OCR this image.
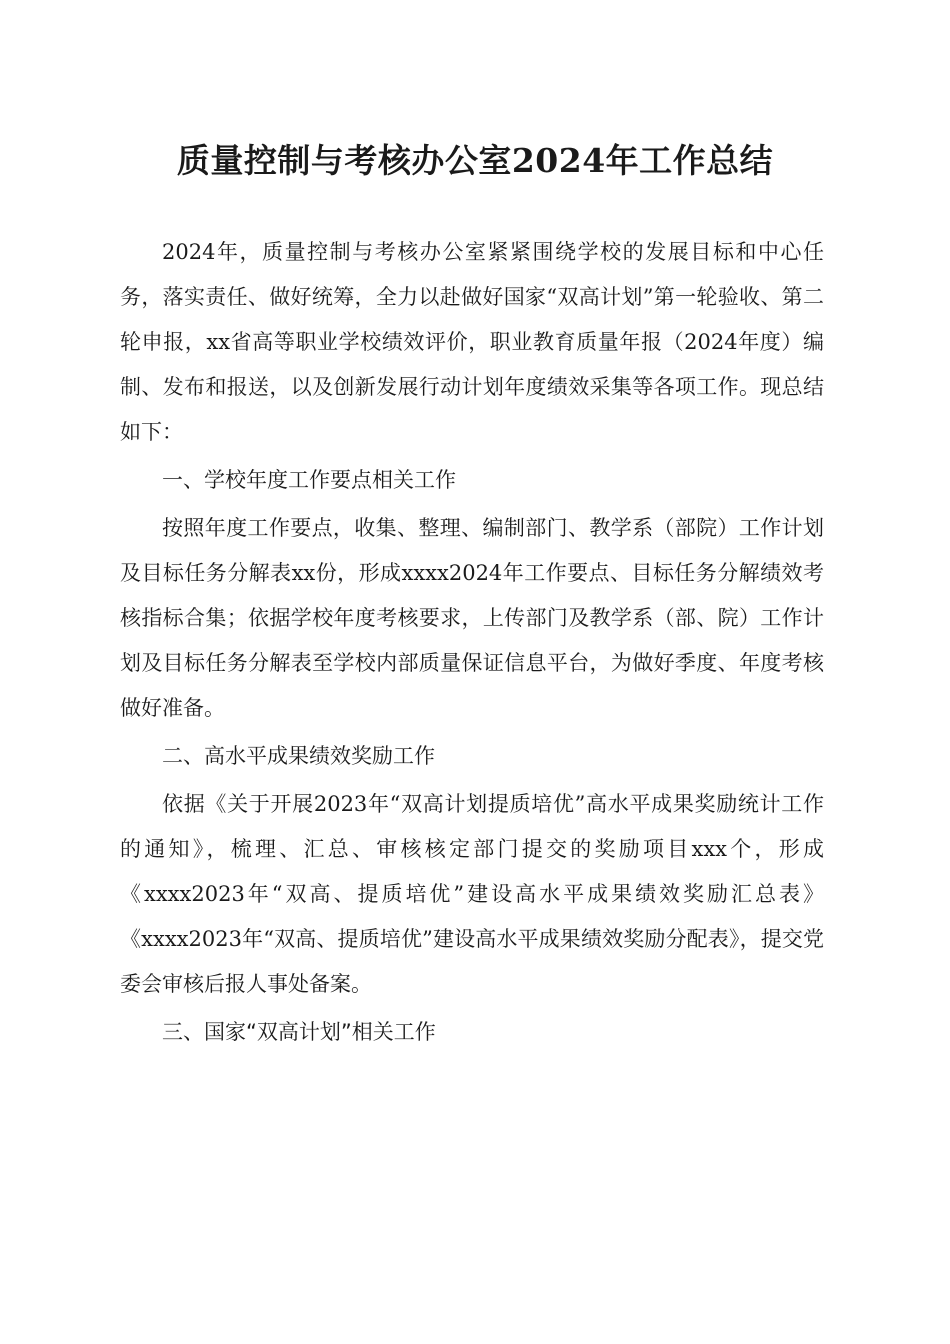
质量控制与考核办公室2024年工作总结

2024年，质量控制与考核办公室紧紧围绕学校的发展目标和中心任务，落实责任、做好统筹，全力以赴做好国家“双高计划”第一轮验收、第二轮申报，xx省高等职业学校绩效评价，职业教育质量年报（2024年度）编制、发布和报送，以及创新发展行动计划年度绩效采集等各项工作。现总结如下：

一、学校年度工作要点相关工作

按照年度工作要点，收集、整理、编制部门、教学系（部院）工作计划及目标任务分解表xx份，形成xxxx2024年工作要点、目标任务分解绩效考核指标合集；依据学校年度考核要求，上传部门及教学系（部、院）工作计划及目标任务分解表至学校内部质量保证信息平台，为做好季度、年度考核做好准备。

二、高水平成果绩效奖励工作

依据《关于开展2023年“双高计划提质培优”高水平成果奖励统计工作的通知》，梳理、汇总、审核核定部门提交的奖励项目xxx个，形成《xxxx2023年“双高、提质培优”建设高水平成果绩效奖励汇总表》《xxxx2023年“双高、提质培优”建设高水平成果绩效奖励分配表》，提交党委会审核后报人事处备案。

三、国家“双高计划”相关工作
